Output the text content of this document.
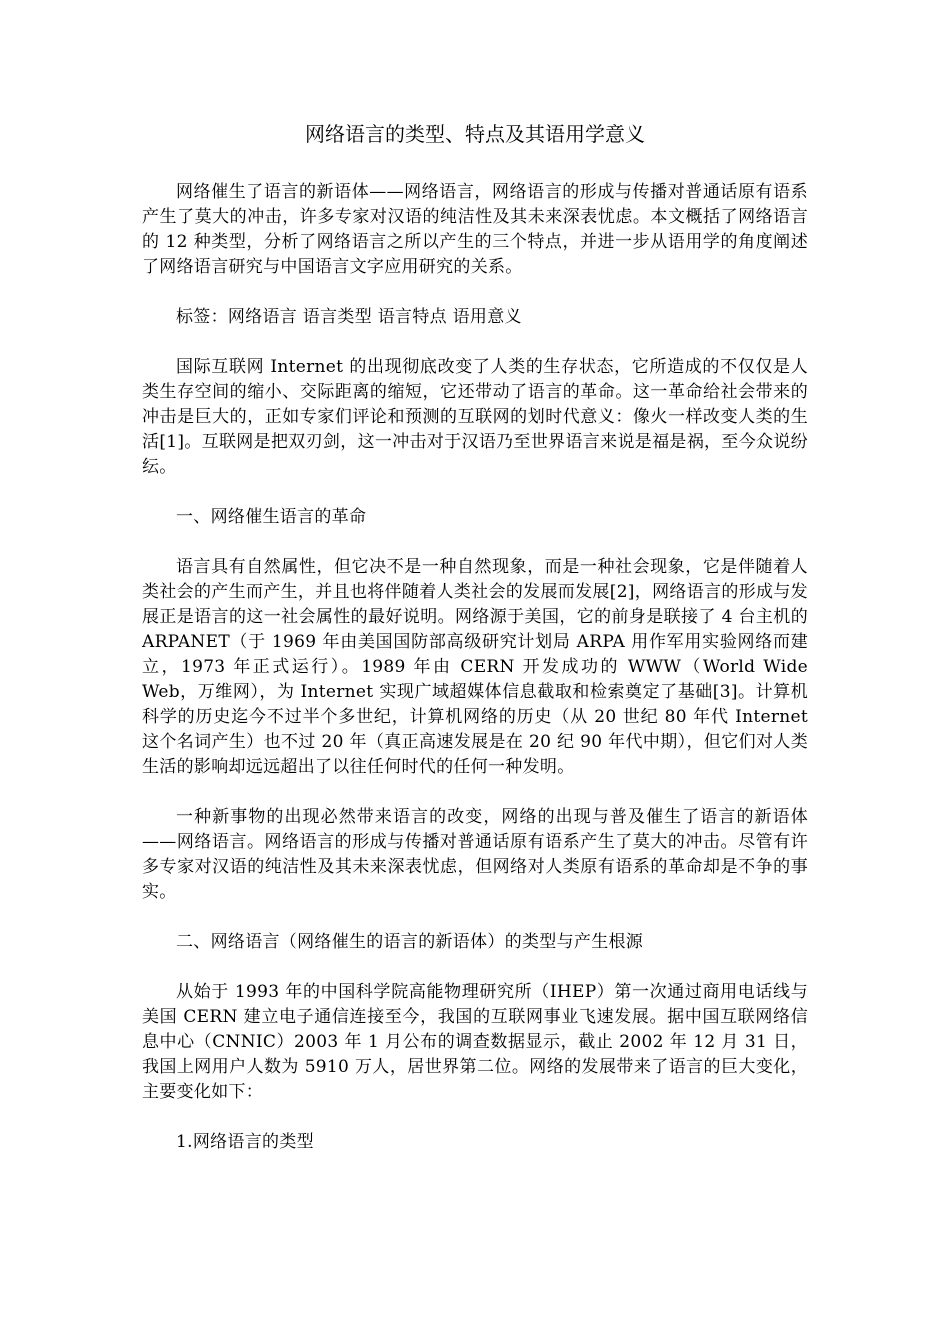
网络语言的类型、特点及其语用学意义

网络催生了语言的新语体——网络语言，网络语言的形成与传播对普通话原有语系产生了莫大的冲击，许多专家对汉语的纯洁性及其未来深表忧虑。本文概括了网络语言的 12 种类型，分析了网络语言之所以产生的三个特点，并进一步从语用学的角度阐述了网络语言研究与中国语言文字应用研究的关系。

标签：网络语言 语言类型 语言特点 语用意义

国际互联网 Internet 的出现彻底改变了人类的生存状态，它所造成的不仅仅是人类生存空间的缩小、交际距离的缩短，它还带动了语言的革命。这一革命给社会带来的冲击是巨大的，正如专家们评论和预测的互联网的划时代意义：像火一样改变人类的生活[1]。互联网是把双刃剑，这一冲击对于汉语乃至世界语言来说是福是祸，至今众说纷纭。

一、网络催生语言的革命

语言具有自然属性，但它决不是一种自然现象，而是一种社会现象，它是伴随着人类社会的产生而产生，并且也将伴随着人类社会的发展而发展[2]，网络语言的形成与发展正是语言的这一社会属性的最好说明。网络源于美国，它的前身是联接了 4 台主机的 ARPANET（于 1969 年由美国国防部高级研究计划局 ARPA 用作军用实验网络而建立，1973 年正式运行）。1989 年由 CERN 开发成功的 WWW（World Wide Web，万维网），为 Internet 实现广域超媒体信息截取和检索奠定了基础[3]。计算机科学的历史迄今不过半个多世纪，计算机网络的历史（从 20 世纪 80 年代 Internet 这个名词产生）也不过 20 年（真正高速发展是在 20 纪 90 年代中期），但它们对人类生活的影响却远远超出了以往任何时代的任何一种发明。

一种新事物的出现必然带来语言的改变，网络的出现与普及催生了语言的新语体——网络语言。网络语言的形成与传播对普通话原有语系产生了莫大的冲击。尽管有许多专家对汉语的纯洁性及其未来深表忧虑，但网络对人类原有语系的革命却是不争的事实。

二、网络语言（网络催生的语言的新语体）的类型与产生根源

从始于 1993 年的中国科学院高能物理研究所（IHEP）第一次通过商用电话线与美国 CERN 建立电子通信连接至今，我国的互联网事业飞速发展。据中国互联网络信息中心（CNNIC）2003 年 1 月公布的调查数据显示，截止 2002 年 12 月 31 日，我国上网用户人数为 5910 万人，居世界第二位。网络的发展带来了语言的巨大变化，主要变化如下：

1.网络语言的类型
